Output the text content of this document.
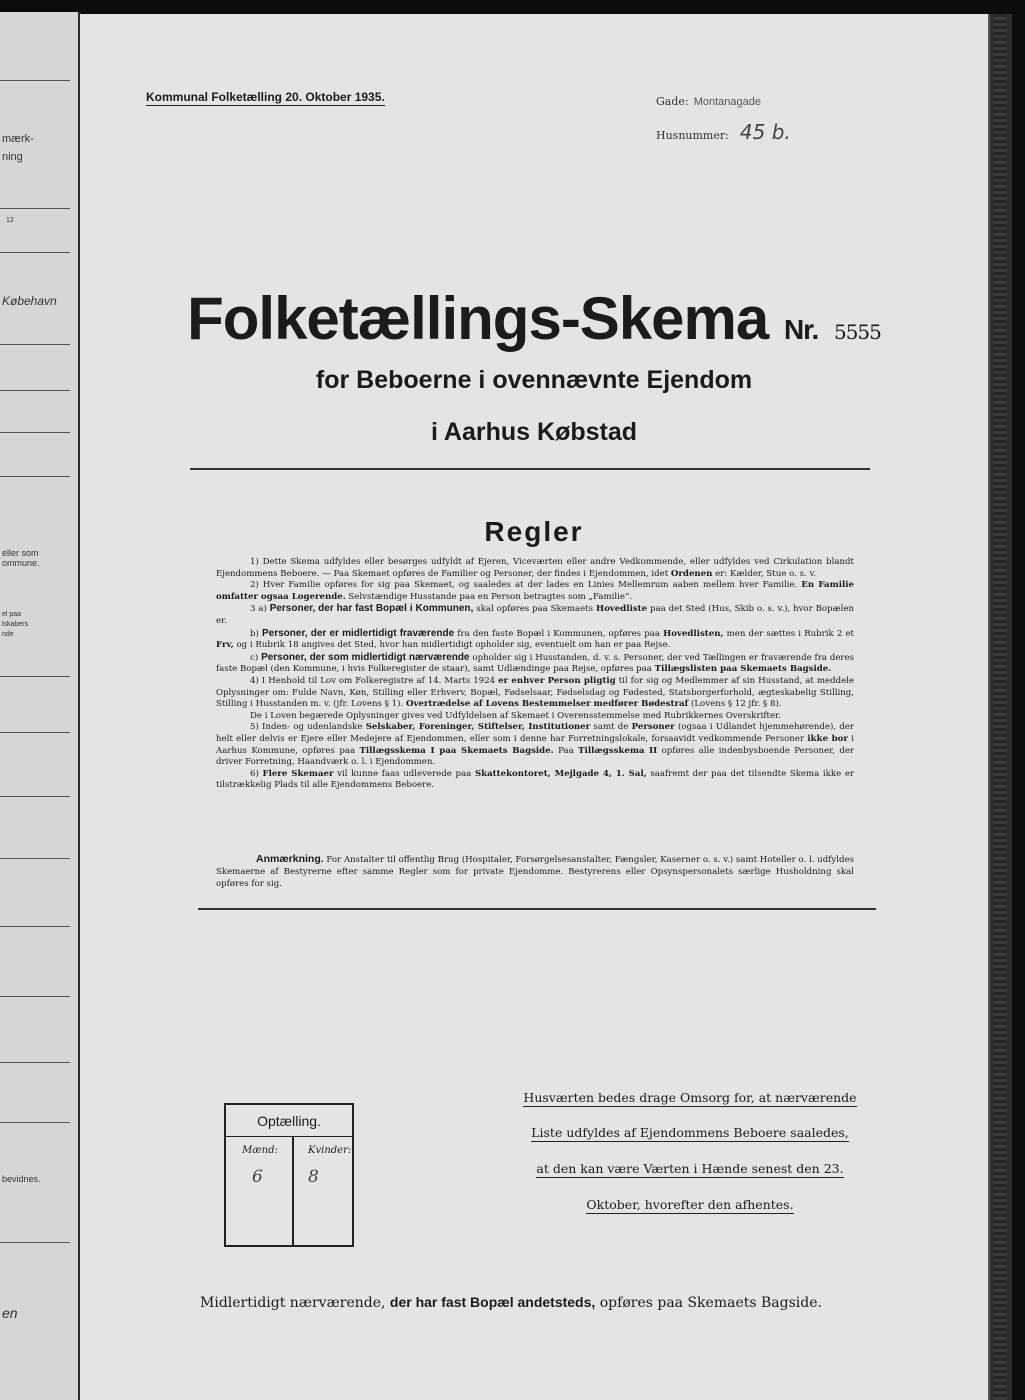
mærk-
ning
12
Købehavn
eller som
ommune.
el paa
lskabers
nde
bevidnes.
en
Kommunal Folketælling 20. Oktober 1935.	Gade: Montanagade
Husnummer: 45 b.
Folketællings-Skema Nr. 5555
for Beboerne i ovennævnte Ejendom
i Aarhus Købstad
Regler

1) Dette Skema udfyldes eller besørges udfyldt af Ejeren, Viceværten eller andre Vedkommende, eller udfyldes ved Cirkulation blandt Ejendommens Beboere. — Paa Skemaet opføres de Familier og Personer, der findes i Ejendommen, idet Ordenen er: Kælder, Stue o. s. v.

2) Hver Familie opføres for sig paa Skemaet, og saaledes at der lades en Linies Mellemrum aaben mellem hver Familie. En Familie omfatter ogsaa Logerende. Selvstændige Husstande paa en Person betragtes som „Familie“.

3 a) Personer, der har fast Bopæl i Kommunen, skal opføres paa Skemaets Hovedliste paa det Sted (Hus, Skib o. s. v.), hvor Bopælen er.

b) Personer, der er midlertidigt fraværende fra den faste Bopæl i Kommunen, opføres paa Hovedlisten, men der sættes i Rubrik 2 et Frv, og i Rubrik 18 angives det Sted, hvor han midlertidigt opholder sig, eventuelt om han er paa Rejse.

c) Personer, der som midlertidigt nærværende opholder sig i Husstanden, d. v. s. Personer, der ved Tællingen er fraværende fra deres faste Bopæl (den Kommune, i hvis Folkeregister de staar), samt Udlændinge paa Rejse, opføres paa Tillægslisten paa Skemaets Bagside.

4) I Henhold til Lov om Folkeregistre af 14. Marts 1924 er enhver Person pligtig til for sig og Medlemmer af sin Husstand, at meddele Oplysninger om: Fulde Navn, Køn, Stilling eller Erhverv, Bopæl, Fødselsaar, Fødselsdag og Fødested, Statsborgerforhold, ægteskabelig Stilling, Stilling i Husstanden m. v. (jfr. Lovens § 1). Overtrædelse af Lovens Bestemmelser medfører Bødestraf (Lovens § 12 jfr. § 8).

De i Loven begærede Oplysninger gives ved Udfyldelsen af Skemaet i Overensstemmelse med Rubrikkernes Overskrifter.

5) Inden- og udenlandske Selskaber, Foreninger, Stiftelser, Institutioner samt de Personer (ogsaa i Udlandet hjemmehørende), der helt eller delvis er Ejere eller Medejere af Ejendommen, eller som i denne har Forretningslokale, forsaavidt vedkommende Personer ikke bor i Aarhus Kommune, opføres paa Tillægsskema I paa Skemaets Bagside. Paa Tillægsskema II opføres alle indenbysboende Personer, der driver Forretning, Haandværk o. l. i Ejendommen.

6) Flere Skemaer vil kunne faas udleverede paa Skattekontoret, Mejlgade 4, 1. Sal, saafremt der paa det tilsendte Skema ikke er tilstrækkelig Plads til alle Ejendommens Beboere.

Anmærkning. For Anstalter til offentlig Brug (Hospitaler, Forsørgelsesanstalter, Fængsler, Kaserner o. s. v.) samt Hoteller o. l. udfyldes Skemaerne af Bestyrerne efter samme Regler som for private Ejendomme. Bestyrerens eller Opsynspersonalets særlige Husholdning skal opføres for sig.
Optælling.
Mænd:	Kvinder:
6	8
Husværten bedes drage Omsorg for, at nærværende
Liste udfyldes af Ejendommens Beboere saaledes,
at den kan være Værten i Hænde senest den 23.
Oktober, hvorefter den afhentes.
Midlertidigt nærværende, der har fast Bopæl andetsteds, opføres paa Skemaets Bagside.
